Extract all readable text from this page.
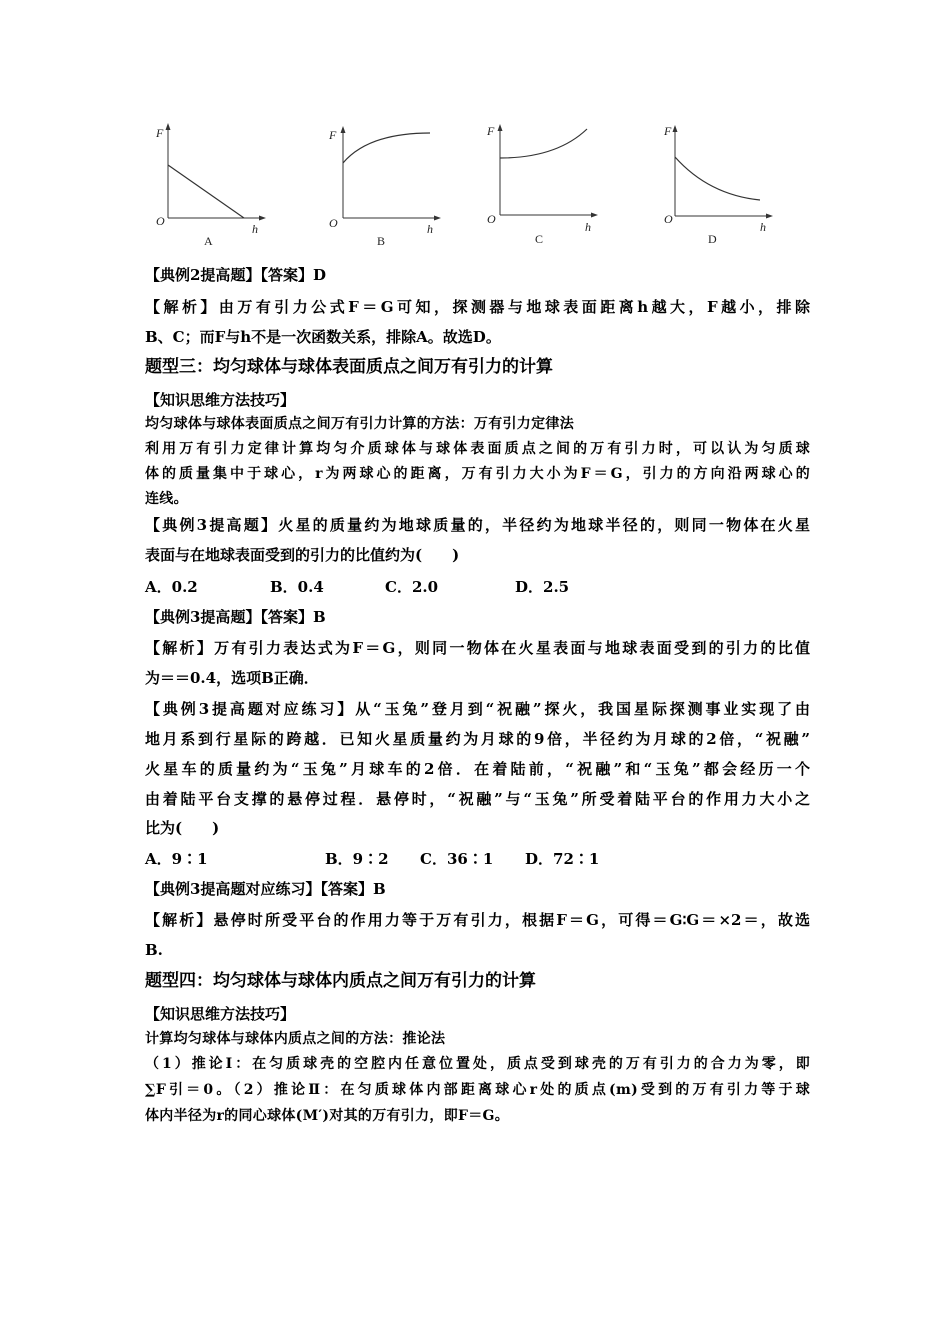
F
O
h
A
F
O	h
B
F
O
h
C
F
O
h
D
【典例2提高题】【答案】D
【解析】由万有引力公式F＝G可知，探测器与地球表面距离h越大，F越小，排除
B、C；而F与h不是一次函数关系，排除A。故选D。
题型三：均匀球体与球体表面质点之间万有引力的计算
【知识思维方法技巧】
均匀球体与球体表面质点之间万有引力计算的方法：万有引力定律法
利用万有引力定律计算均匀介质球体与球体表面质点之间的万有引力时，可以认为匀质球
体的质量集中于球心，r为两球心的距离，万有引力大小为F＝G，引力的方向沿两球心的
连线。
【典例3提高题】火星的质量约为地球质量的，半径约为地球半径的，则同一物体在火星
表面与在地球表面受到的引力的比值约为(　　)
A．0.2	B．0.4	C．2.0	D．2.5
【典例3提高题】【答案】B
【解析】万有引力表达式为F＝G，则同一物体在火星表面与地球表面受到的引力的比值
为＝＝0.4，选项B正确．
【典例3提高题对应练习】从“玉兔”登月到“祝融”探火，我国星际探测事业实现了由
地月系到行星际的跨越．已知火星质量约为月球的9倍，半径约为月球的2倍，“祝融”
火星车的质量约为“玉兔”月球车的2倍．在着陆前，“祝融”和“玉兔”都会经历一个
由着陆平台支撑的悬停过程．悬停时，“祝融”与“玉兔”所受着陆平台的作用力大小之
比为(　　)
A．9∶1	B．9∶2 C．36∶1 D．72∶1
【典例3提高题对应练习】【答案】B
【解析】悬停时所受平台的作用力等于万有引力，根据F＝G，可得＝G∶G＝×2＝，故选
B.
题型四：均匀球体与球体内质点之间万有引力的计算
【知识思维方法技巧】
计算均匀球体与球体内质点之间的方法：推论法
（1）推论Ⅰ：在匀质球壳的空腔内任意位置处，质点受到球壳的万有引力的合力为零，即
∑F引＝0。（2）推论Ⅱ：在匀质球体内部距离球心r处的质点(m)受到的万有引力等于球
体内半径为r的同心球体(M′)对其的万有引力，即F＝G。
